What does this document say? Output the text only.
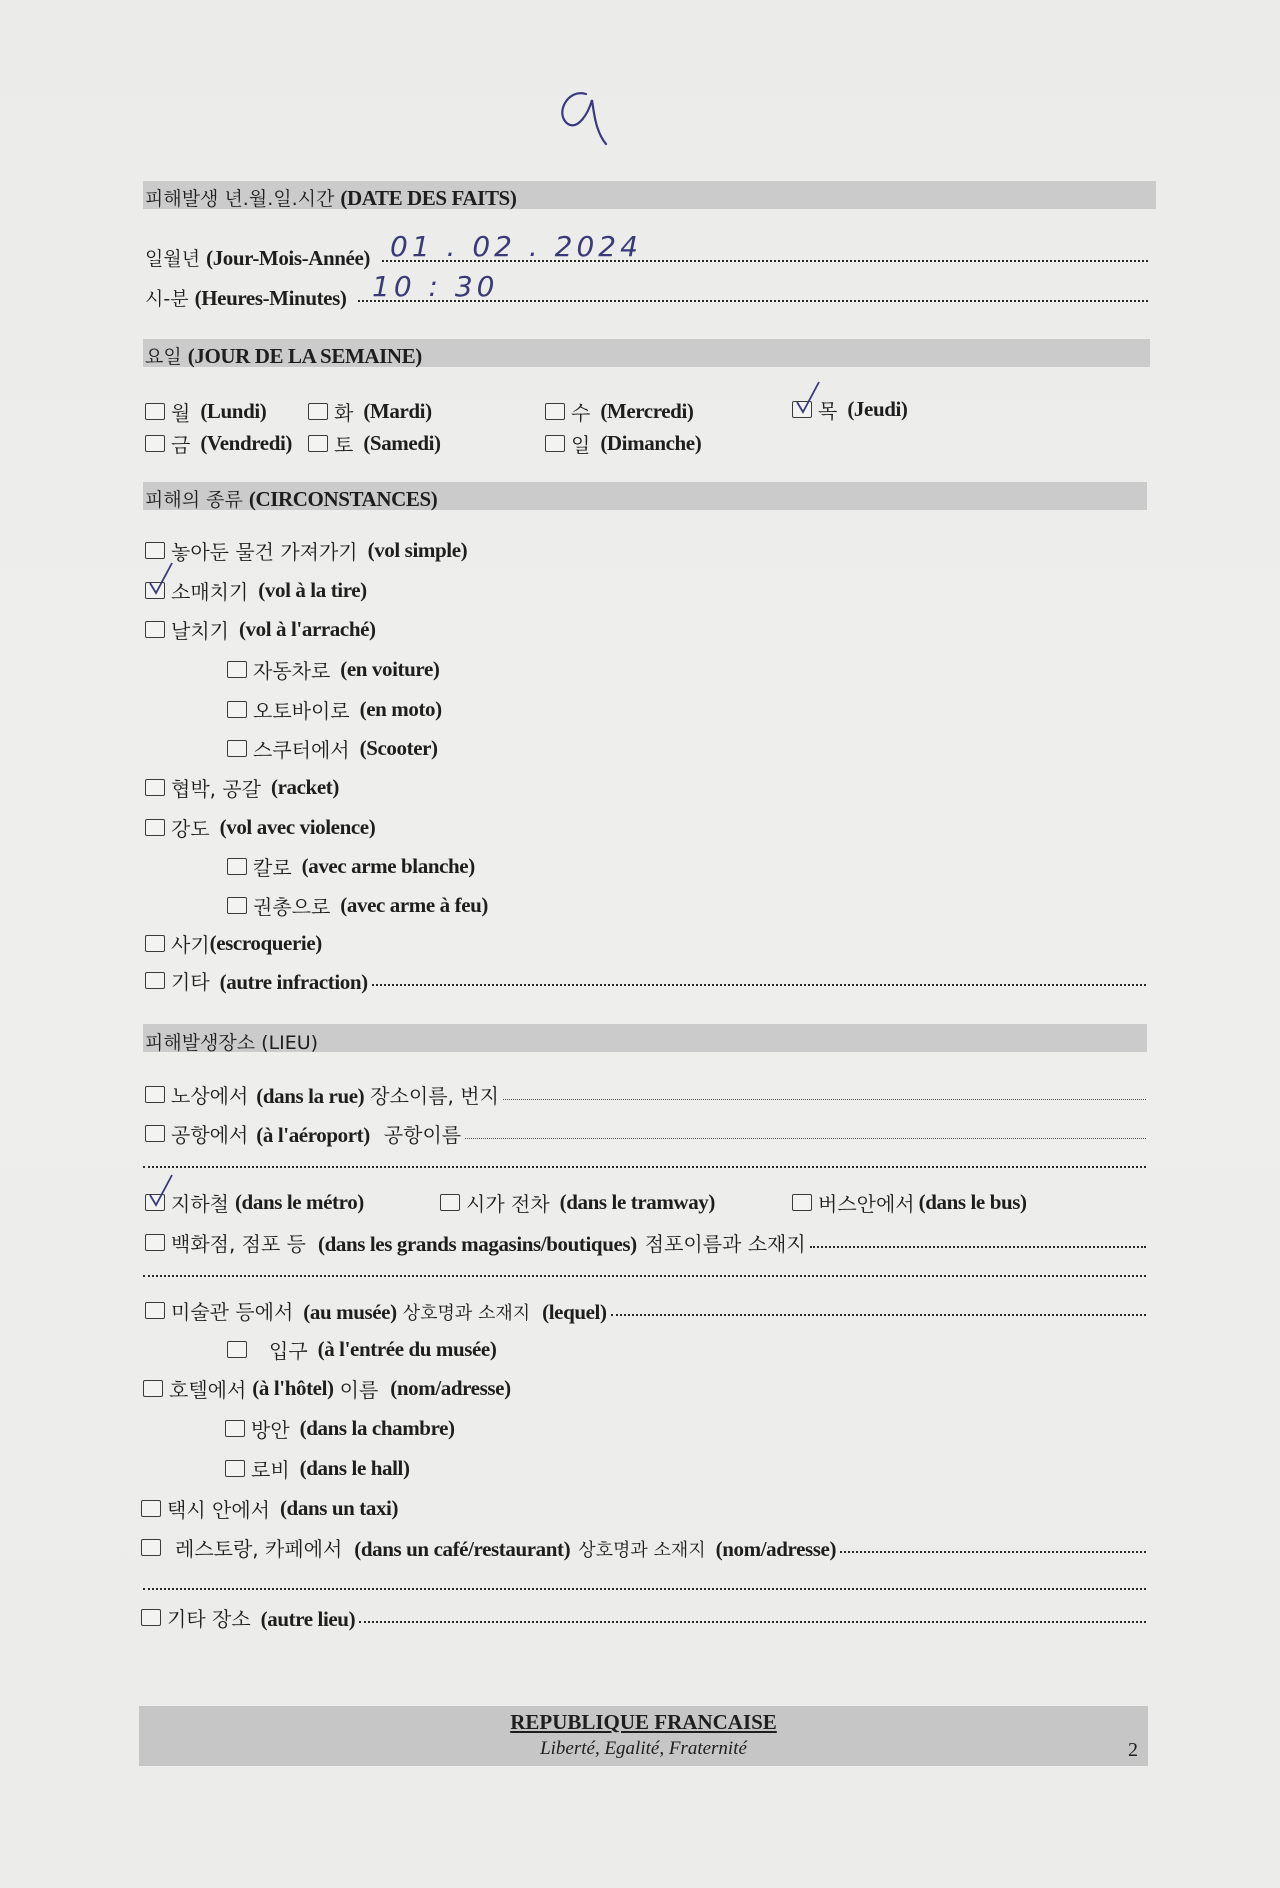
피해발생 년.월.일.시간 (DATE DES FAITS)
일월년 (Jour-Mois-Année) 01 . 02 . 2024
시-분 (Heures-Minutes) 10 : 30
요일 (JOUR DE LA SEMAINE)
월 (Lundi)	화 (Mardi)	수 (Mercredi)	목 (Jeudi)
금 (Vendredi) 토 (Samedi)	일 (Dimanche)
피해의 종류 (CIRCONSTANCES)
놓아둔 물건 가져가기 (vol simple)
소매치기 (vol à la tire)
날치기 (vol à l'arraché)
자동차로 (en voiture)
오토바이로 (en moto)
스쿠터에서 (Scooter)
협박, 공갈 (racket)
강도 (vol avec violence)
칼로 (avec arme blanche)
권총으로 (avec arme à feu)
사기 (escroquerie)
기타 (autre infraction)
피해발생장소 (LIEU)
노상에서 (dans la rue) 장소이름, 번지
공항에서 (à l'aéroport) 공항이름
지하철 (dans le métro)	시가 전차 (dans le tramway)	버스안에서 (dans le bus)
백화점, 점포 등 (dans les grands magasins/boutiques) 점포이름과 소재지
미술관 등에서 (au musée) 상호명과 소재지 (lequel)
입구 (à l'entrée du musée)
호텔에서 (à l'hôtel) 이름 (nom/adresse)
방안 (dans la chambre)
로비 (dans le hall)
택시 안에서 (dans un taxi)
레스토랑, 카페에서 (dans un café/restaurant) 상호명과 소재지 (nom/adresse)
기타 장소 (autre lieu)
REPUBLIQUE FRANCAISE
Liberté, Egalité, Fraternité	2
